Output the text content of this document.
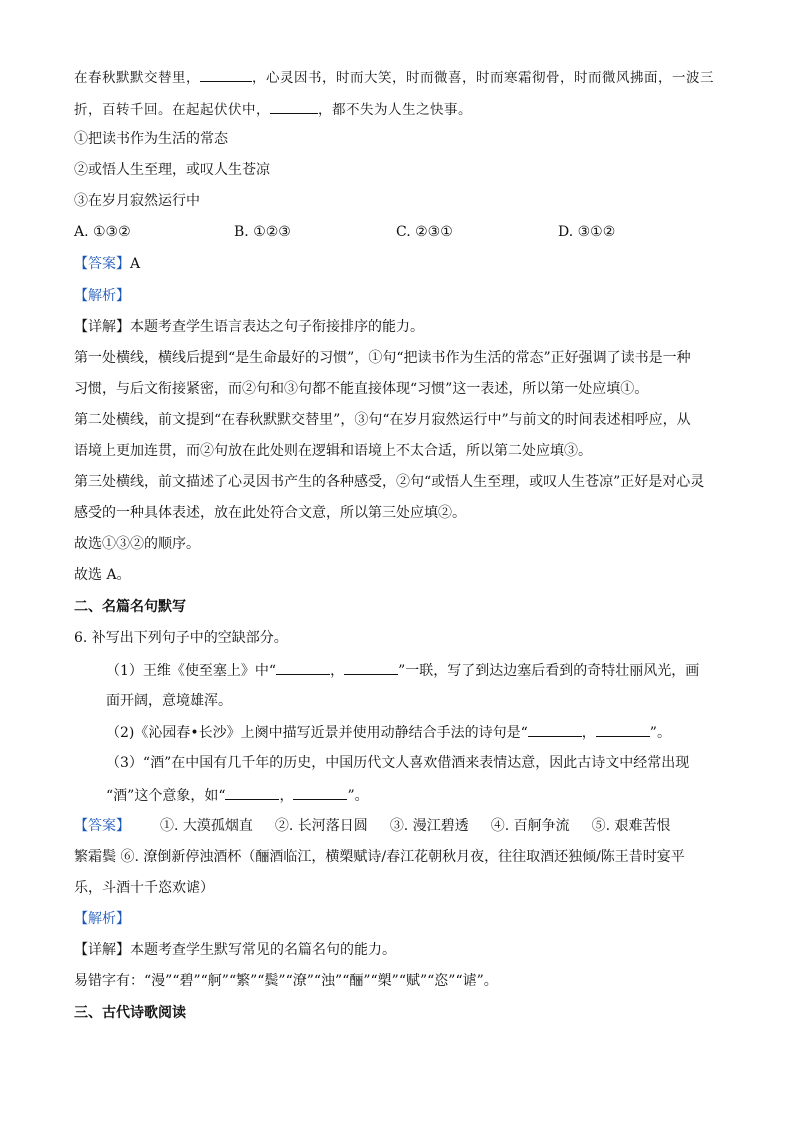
在春秋默默交替里，	，心灵因书，时而大笑，时而微喜，时而寒霜彻骨，时而微风拂面，一波三
折，百转千回。在起起伏伏中，	，都不失为人生之快事。
①把读书作为生活的常态
②或悟人生至理，或叹人生苍凉
③在岁月寂然运行中
A. ①③②	B. ①②③	C. ②③①	D. ③①②
【答案】A
【解析】
【详解】本题考查学生语言表达之句子衔接排序的能力。
第一处横线，横线后提到“是生命最好的习惯”，①句“把读书作为生活的常态”正好强调了读书是一种
习惯，与后文衔接紧密，而②句和③句都不能直接体现“习惯”这一表述，所以第一处应填①。
第二处横线，前文提到“在春秋默默交替里”，③句“在岁月寂然运行中”与前文的时间表述相呼应，从
语境上更加连贯，而②句放在此处则在逻辑和语境上不太合适，所以第二处应填③。
第三处横线，前文描述了心灵因书产生的各种感受，②句“或悟人生至理，或叹人生苍凉”正好是对心灵
感受的一种具体表述，放在此处符合文意，所以第三处应填②。
故选①③②的顺序。
故选 A。
二、名篇名句默写
6. 补写出下列句子中的空缺部分。
（1）王维《使至塞上》中“	，	”一联，写了到达边塞后看到的奇特壮丽风光，画
面开阔，意境雄浑。
（2)《沁园春•长沙》上阕中描写近景并使用动静结合手法的诗句是“	，	”。
（3）“酒”在中国有几千年的历史，中国历代文人喜欢借酒来表情达意，因此古诗文中经常出现
“酒”这个意象，如“	，	”。
【答案】 ①. 大漠孤烟直 ②. 长河落日圆 ③. 漫江碧透 ④. 百舸争流 ⑤. 艰难苦恨
繁霜鬓 ⑥. 潦倒新停浊酒杯（酾酒临江，横槊赋诗/春江花朝秋月夜，往往取酒还独倾/陈王昔时宴平
乐，斗酒十千恣欢谑）
【解析】
【详解】本题考查学生默写常见的名篇名句的能力。
易错字有：“漫”“碧”“舸”“繁”“鬓”“潦”“浊”“酾”“槊”“赋”“恣”“谑”。
三、古代诗歌阅读
